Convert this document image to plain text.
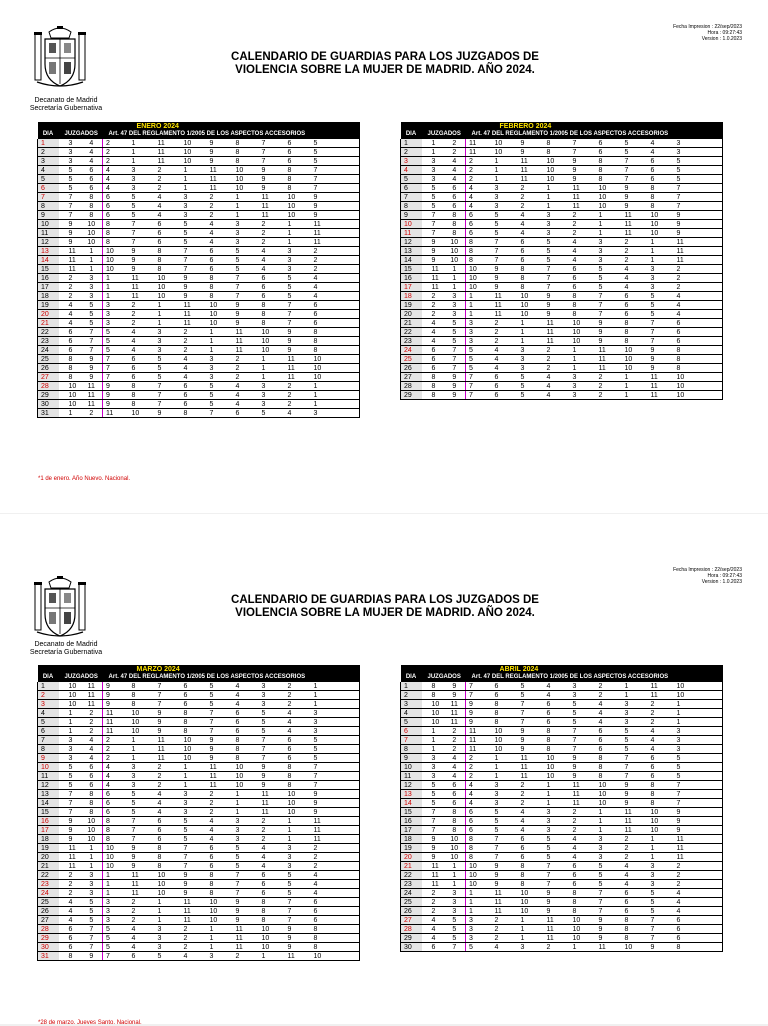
Decanato de Madrid
Secretaría Gubernativa
Fecha Impresion : 22/sep/2023
Hora : 09:27:43
Version : 1.0.2023
CALENDARIO DE GUARDIAS PARA LOS JUZGADOS DE
VIOLENCIA SOBRE LA MUJER DE MADRID. AÑO 2024.
			ENERO 2024								
DIA	JUZGADOS		Art. 47 DEL REGLAMENTO 1/2005 DE LOS ASPECTOS ACCESORIOS								
1	3	4	2	1	11	10	9	8	7	6	5
2	3	4	2	1	11	10	9	8	7	6	5
3	3	4	2	1	11	10	9	8	7	6	5
4	5	6	4	3	2	1	11	10	9	8	7
5	5	6	4	3	2	1	11	10	9	8	7
6	5	6	4	3	2	1	11	10	9	8	7
7	7	8	6	5	4	3	2	1	11	10	9
8	7	8	6	5	4	3	2	1	11	10	9
9	7	8	6	5	4	3	2	1	11	10	9
10	9	10	8	7	6	5	4	3	2	1	11
11	9	10	8	7	6	5	4	3	2	1	11
12	9	10	8	7	6	5	4	3	2	1	11
13	11	1	10	9	8	7	6	5	4	3	2
14	11	1	10	9	8	7	6	5	4	3	2
15	11	1	10	9	8	7	6	5	4	3	2
16	2	3	1	11	10	9	8	7	6	5	4
17	2	3	1	11	10	9	8	7	6	5	4
18	2	3	1	11	10	9	8	7	6	5	4
19	4	5	3	2	1	11	10	9	8	7	6
20	4	5	3	2	1	11	10	9	8	7	6
21	4	5	3	2	1	11	10	9	8	7	6
22	6	7	5	4	3	2	1	11	10	9	8
23	6	7	5	4	3	2	1	11	10	9	8
24	6	7	5	4	3	2	1	11	10	9	8
25	8	9	7	6	5	4	3	2	1	11	10
26	8	9	7	6	5	4	3	2	1	11	10
27	8	9	7	6	5	4	3	2	1	11	10
28	10	11	9	8	7	6	5	4	3	2	1
29	10	11	9	8	7	6	5	4	3	2	1
30	10	11	9	8	7	6	5	4	3	2	1
31	1	2	11	10	9	8	7	6	5	4	3
			FEBRERO 2024								
DIA	JUZGADOS		Art. 47 DEL REGLAMENTO 1/2005 DE LOS ASPECTOS ACCESORIOS								
1	1	2	11	10	9	8	7	6	5	4	3
2	1	2	11	10	9	8	7	6	5	4	3
3	3	4	2	1	11	10	9	8	7	6	5
4	3	4	2	1	11	10	9	8	7	6	5
5	3	4	2	1	11	10	9	8	7	6	5
6	5	6	4	3	2	1	11	10	9	8	7
7	5	6	4	3	2	1	11	10	9	8	7
8	5	6	4	3	2	1	11	10	9	8	7
9	7	8	6	5	4	3	2	1	11	10	9
10	7	8	6	5	4	3	2	1	11	10	9
11	7	8	6	5	4	3	2	1	11	10	9
12	9	10	8	7	6	5	4	3	2	1	11
13	9	10	8	7	6	5	4	3	2	1	11
14	9	10	8	7	6	5	4	3	2	1	11
15	11	1	10	9	8	7	6	5	4	3	2
16	11	1	10	9	8	7	6	5	4	3	2
17	11	1	10	9	8	7	6	5	4	3	2
18	2	3	1	11	10	9	8	7	6	5	4
19	2	3	1	11	10	9	8	7	6	5	4
20	2	3	1	11	10	9	8	7	6	5	4
21	4	5	3	2	1	11	10	9	8	7	6
22	4	5	3	2	1	11	10	9	8	7	6
23	4	5	3	2	1	11	10	9	8	7	6
24	6	7	5	4	3	2	1	11	10	9	8
25	6	7	5	4	3	2	1	11	10	9	8
26	6	7	5	4	3	2	1	11	10	9	8
27	8	9	7	6	5	4	3	2	1	11	10
28	8	9	7	6	5	4	3	2	1	11	10
29	8	9	7	6	5	4	3	2	1	11	10
*1 de enero. Año Nuevo. Nacional.
Decanato de Madrid
Secretaría Gubernativa
Fecha Impresion : 22/sep/2023
Hora : 09:27:43
Version : 1.0.2023
CALENDARIO DE GUARDIAS PARA LOS JUZGADOS DE
VIOLENCIA SOBRE LA MUJER DE MADRID. AÑO 2024.
			MARZO 2024								
DIA	JUZGADOS		Art. 47 DEL REGLAMENTO 1/2005 DE LOS ASPECTOS ACCESORIOS								
1	10	11	9	8	7	6	5	4	3	2	1
2	10	11	9	8	7	6	5	4	3	2	1
3	10	11	9	8	7	6	5	4	3	2	1
4	1	2	11	10	9	8	7	6	5	4	3
5	1	2	11	10	9	8	7	6	5	4	3
6	1	2	11	10	9	8	7	6	5	4	3
7	3	4	2	1	11	10	9	8	7	6	5
8	3	4	2	1	11	10	9	8	7	6	5
9	3	4	2	1	11	10	9	8	7	6	5
10	5	6	4	3	2	1	11	10	9	8	7
11	5	6	4	3	2	1	11	10	9	8	7
12	5	6	4	3	2	1	11	10	9	8	7
13	7	8	6	5	4	3	2	1	11	10	9
14	7	8	6	5	4	3	2	1	11	10	9
15	7	8	6	5	4	3	2	1	11	10	9
16	9	10	8	7	6	5	4	3	2	1	11
17	9	10	8	7	6	5	4	3	2	1	11
18	9	10	8	7	6	5	4	3	2	1	11
19	11	1	10	9	8	7	6	5	4	3	2
20	11	1	10	9	8	7	6	5	4	3	2
21	11	1	10	9	8	7	6	5	4	3	2
22	2	3	1	11	10	9	8	7	6	5	4
23	2	3	1	11	10	9	8	7	6	5	4
24	2	3	1	11	10	9	8	7	6	5	4
25	4	5	3	2	1	11	10	9	8	7	6
26	4	5	3	2	1	11	10	9	8	7	6
27	4	5	3	2	1	11	10	9	8	7	6
28	6	7	5	4	3	2	1	11	10	9	8
29	6	7	5	4	3	2	1	11	10	9	8
30	6	7	5	4	3	2	1	11	10	9	8
31	8	9	7	6	5	4	3	2	1	11	10
			ABRIL 2024								
DIA	JUZGADOS		Art. 47 DEL REGLAMENTO 1/2005 DE LOS ASPECTOS ACCESORIOS								
1	8	9	7	6	5	4	3	2	1	11	10
2	8	9	7	6	5	4	3	2	1	11	10
3	10	11	9	8	7	6	5	4	3	2	1
4	10	11	9	8	7	6	5	4	3	2	1
5	10	11	9	8	7	6	5	4	3	2	1
6	1	2	11	10	9	8	7	6	5	4	3
7	1	2	11	10	9	8	7	6	5	4	3
8	1	2	11	10	9	8	7	6	5	4	3
9	3	4	2	1	11	10	9	8	7	6	5
10	3	4	2	1	11	10	9	8	7	6	5
11	3	4	2	1	11	10	9	8	7	6	5
12	5	6	4	3	2	1	11	10	9	8	7
13	5	6	4	3	2	1	11	10	9	8	7
14	5	6	4	3	2	1	11	10	9	8	7
15	7	8	6	5	4	3	2	1	11	10	9
16	7	8	6	5	4	3	2	1	11	10	9
17	7	8	6	5	4	3	2	1	11	10	9
18	9	10	8	7	6	5	4	3	2	1	11
19	9	10	8	7	6	5	4	3	2	1	11
20	9	10	8	7	6	5	4	3	2	1	11
21	11	1	10	9	8	7	6	5	4	3	2
22	11	1	10	9	8	7	6	5	4	3	2
23	11	1	10	9	8	7	6	5	4	3	2
24	2	3	1	11	10	9	8	7	6	5	4
25	2	3	1	11	10	9	8	7	6	5	4
26	2	3	1	11	10	9	8	7	6	5	4
27	4	5	3	2	1	11	10	9	8	7	6
28	4	5	3	2	1	11	10	9	8	7	6
29	4	5	3	2	1	11	10	9	8	7	6
30	6	7	5	4	3	2	1	11	10	9	8
*28 de marzo. Jueves Santo. Nacional.
